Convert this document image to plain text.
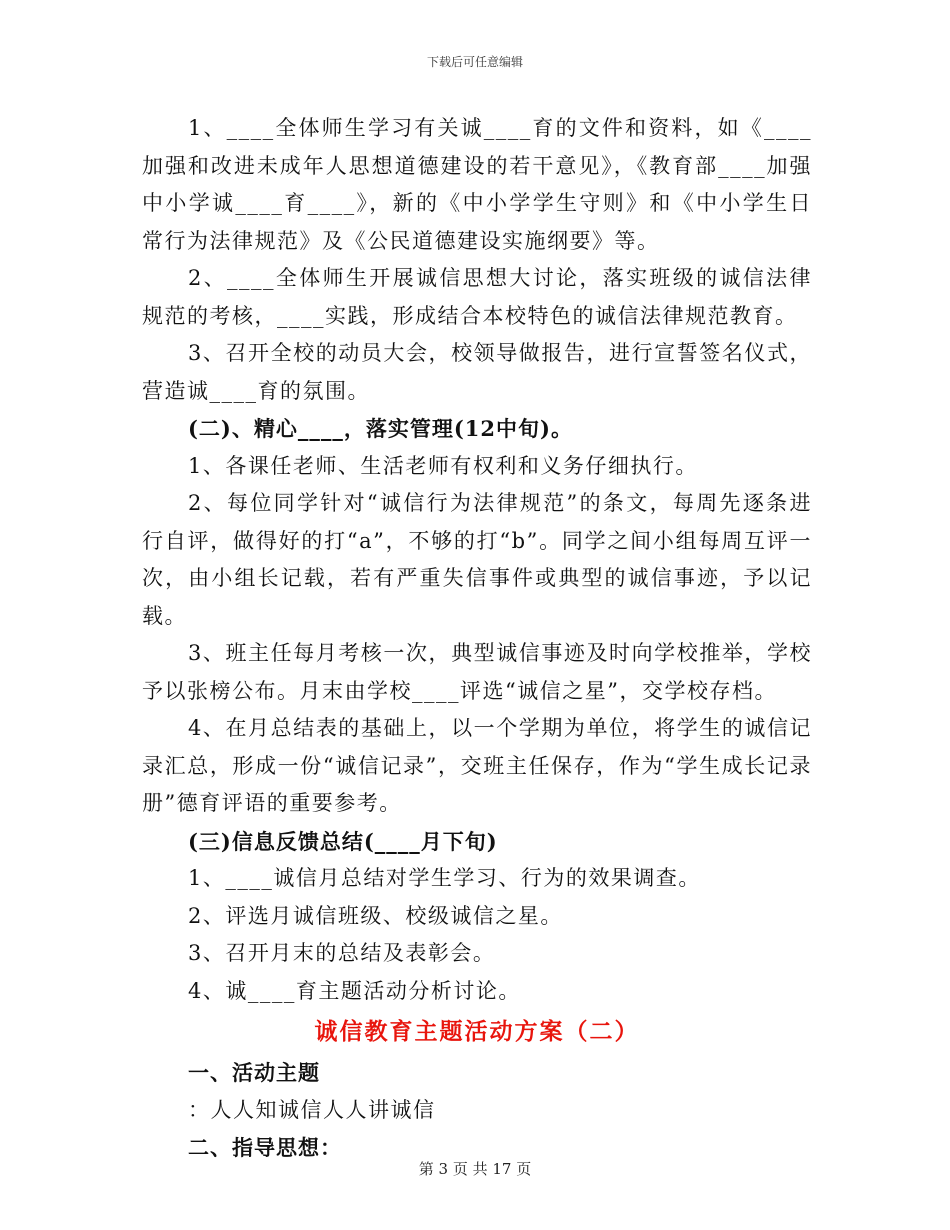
下载后可任意编辑

1、____全体师生学习有关诚____育的文件和资料，如《____加强和改进未成年人思想道德建设的若干意见》，《教育部____加强中小学诚____育____》，新的《中小学学生守则》和《中小学生日常行为法律规范》及《公民道德建设实施纲要》等。

2、____全体师生开展诚信思想大讨论，落实班级的诚信法律规范的考核，____实践，形成结合本校特色的诚信法律规范教育。

3、召开全校的动员大会，校领导做报告，进行宣誓签名仪式，营造诚____育的氛围。

(二)、精心____，落实管理(12中旬)。

1、各课任老师、生活老师有权利和义务仔细执行。

2、每位同学针对“诚信行为法律规范”的条文，每周先逐条进行自评，做得好的打“a”，不够的打“b”。同学之间小组每周互评一次，由小组长记载，若有严重失信事件或典型的诚信事迹，予以记载。

3、班主任每月考核一次，典型诚信事迹及时向学校推举，学校予以张榜公布。月末由学校____评选“诚信之星”，交学校存档。

4、在月总结表的基础上，以一个学期为单位，将学生的诚信记录汇总，形成一份“诚信记录”，交班主任保存，作为“学生成长记录册”德育评语的重要参考。

(三)信息反馈总结(____月下旬)

1、____诚信月总结对学生学习、行为的效果调查。

2、评选月诚信班级、校级诚信之星。

3、召开月末的总结及表彰会。

4、诚____育主题活动分析讨论。

诚信教育主题活动方案（二）

一、活动主题

：人人知诚信人人讲诚信

二、指导思想：

第 3 页 共 17 页
